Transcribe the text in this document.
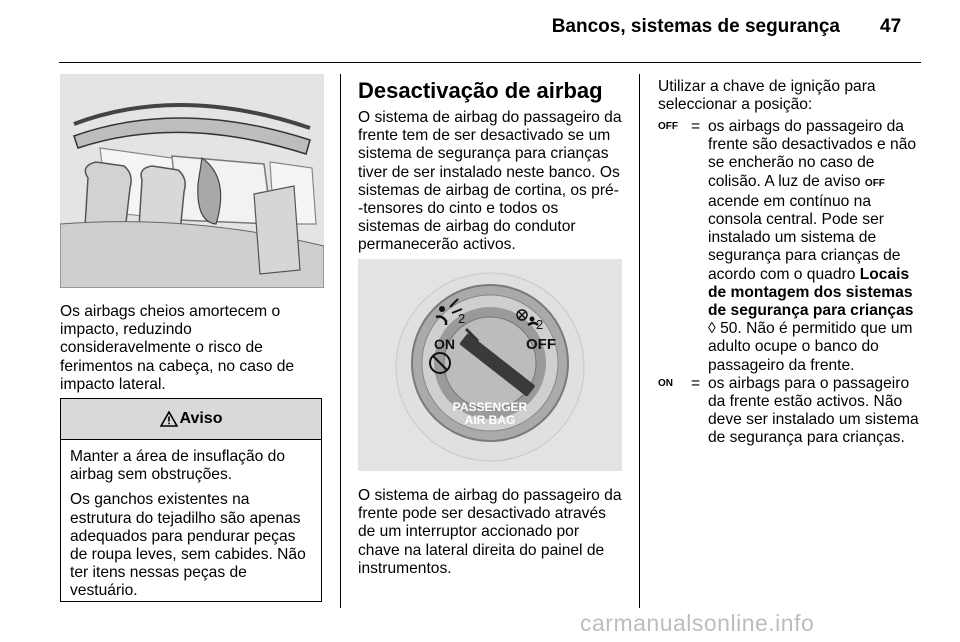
Bancos, sistemas de segurança 47
Os airbags cheios amortecem o impacto, reduzindo consideravelmente o risco de ferimentos na cabeça, no caso de impacto lateral.
Aviso

Manter a área de insuflação do airbag sem obstruções.

Os ganchos existentes na estrutura do tejadilho são apenas adequados para pendurar peças de roupa leves, sem cabides. Não ter itens nessas peças de vestuário.

Desactivação de airbag
O sistema de airbag do passageiro da frente tem de ser desactivado se um sistema de segurança para crianças tiver de ser instalado neste banco. Os sistemas de airbag de cortina, os pré--tensores do cinto e todos os sistemas de airbag do condutor permanecerão activos.
ON
2	2
OFF
PASSENGER
AIR BAG
O sistema de airbag do passageiro da frente pode ser desactivado através de um interruptor accionado por chave na lateral direita do painel de instrumentos.
Utilizar a chave de ignição para seleccionar a posição:
OFF = os airbags do passageiro da frente são desactivados e não se encherão no caso de colisão. A luz de aviso OFF acende em contínuo na consola central. Pode ser instalado um sistema de segurança para crianças de acordo com o quadro Locais de montagem dos sistemas de segurança para crianças
◊ 50. Não é permitido que um adulto ocupe o banco do passageiro da frente.
ON	= os airbags para o passageiro da frente estão activos. Não deve ser instalado um sistema de segurança para crianças.
carmanualsonline.info
